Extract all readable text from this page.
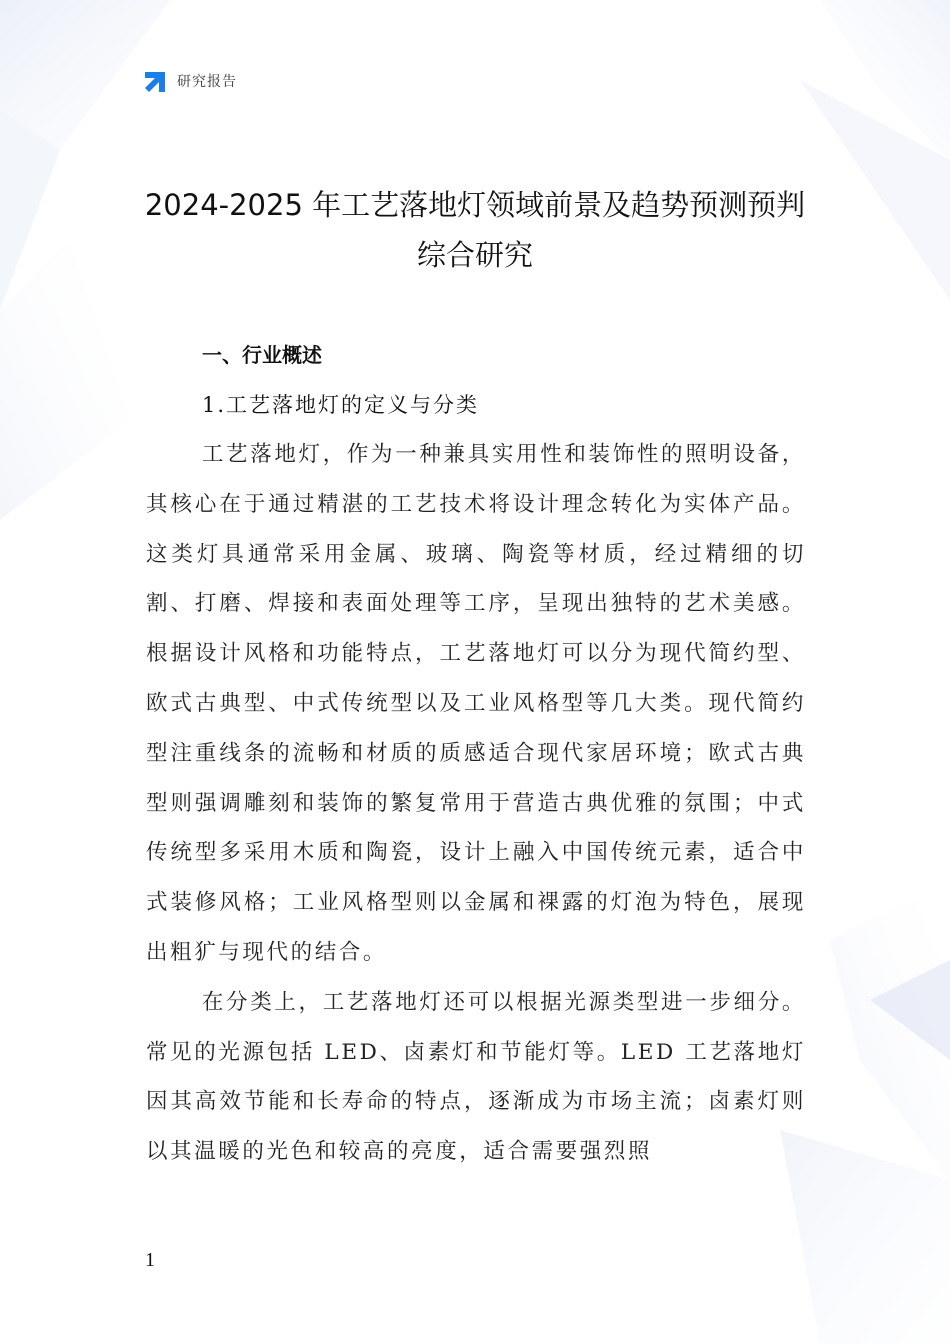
研究报告
2024-2025 年工艺落地灯领域前景及趋势预测预判综合研究

一、行业概述

1.工艺落地灯的定义与分类

工艺落地灯，作为一种兼具实用性和装饰性的照明设备，其核心在于通过精湛的工艺技术将设计理念转化为实体产品。这类灯具通常采用金属、玻璃、陶瓷等材质，经过精细的切割、打磨、焊接和表面处理等工序，呈现出独特的艺术美感。根据设计风格和功能特点，工艺落地灯可以分为现代简约型、欧式古典型、中式传统型以及工业风格型等几大类。现代简约型注重线条的流畅和材质的质感适合现代家居环境；欧式古典型则强调雕刻和装饰的繁复常用于营造古典优雅的氛围；中式传统型多采用木质和陶瓷，设计上融入中国传统元素，适合中式装修风格；工业风格型则以金属和裸露的灯泡为特色，展现出粗犷与现代的结合。

在分类上，工艺落地灯还可以根据光源类型进一步细分。常见的光源包括 LED、卤素灯和节能灯等。LED 工艺落地灯因其高效节能和长寿命的特点，逐渐成为市场主流；卤素灯则以其温暖的光色和较高的亮度，适合需要强烈照

1
